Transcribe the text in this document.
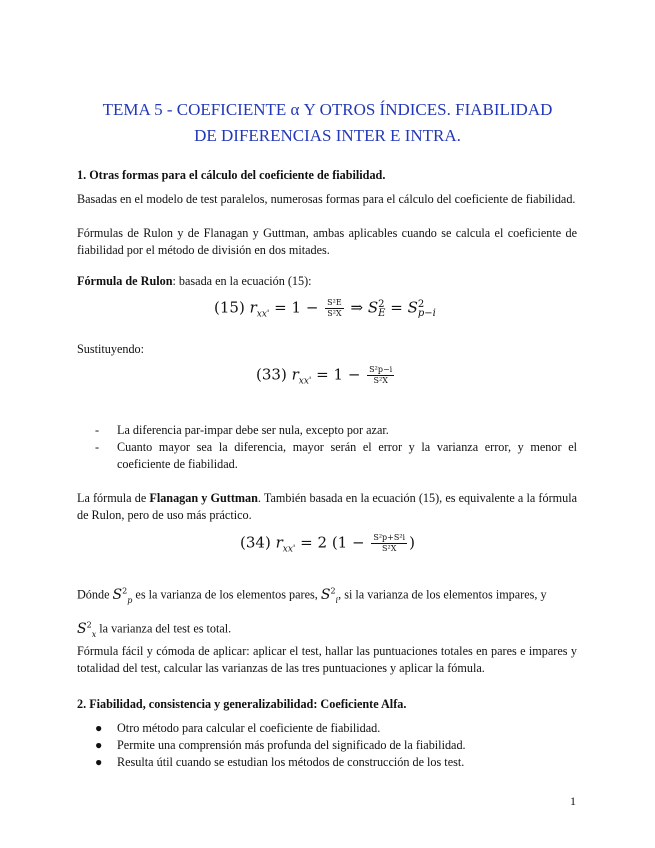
TEMA 5 - COEFICIENTE α Y OTROS ÍNDICES. FIABILIDAD
DE DIFERENCIAS INTER E INTRA.
1. Otras formas para el cálculo del coeficiente de fiabilidad.
Basadas en el modelo de test paralelos, numerosas formas para el cálculo del coeficiente de fiabilidad.
Fórmulas de Rulon y de Flanagan y Guttman, ambas aplicables cuando se calcula el coeficiente de fiabilidad por el método de división en dos mitades.
Fórmula de Rulon: basada en la ecuación (15):
(15) $r_{xx'} = 1 - \frac{\text{S²E}}{\text{S²X}}$ ⇒ S 2
E = S 2
p−i
Sustituyendo:
(33) $r_{xx'} = 1 - \frac{\text{S²p−i}}{\text{S²X}}$
- La diferencia par-impar debe ser nula, excepto por azar.
- Cuanto mayor sea la diferencia, mayor serán el error y la varianza error, y menor el coeficiente de fiabilidad.
La fórmula de Flanagan y Guttman. También basada en la ecuación (15), es equivalente a la fórmula de Rulon, pero de uso más práctico.
(34) $r_{xx'} = 2$ ($1 - \frac{\text{S²p+S²i}}{\text{S²X}}$ )
Dónde $S^2_p$ es la varianza de los elementos pares, $S^2_i$, si la varianza de los elementos impares, y
$S^2_x$ la varianza del test es total.
Fórmula fácil y cómoda de aplicar: aplicar el test, hallar las puntuaciones totales en pares e impares y totalidad del test, calcular las varianzas de las tres puntuaciones y aplicar la fómula.
2. Fiabilidad, consistencia y generalizabilidad: Coeficiente Alfa.
● Otro método para calcular el coeficiente de fiabilidad.
● Permite una comprensión más profunda del significado de la fiabilidad.
● Resulta útil cuando se estudian los métodos de construcción de los test.
1
